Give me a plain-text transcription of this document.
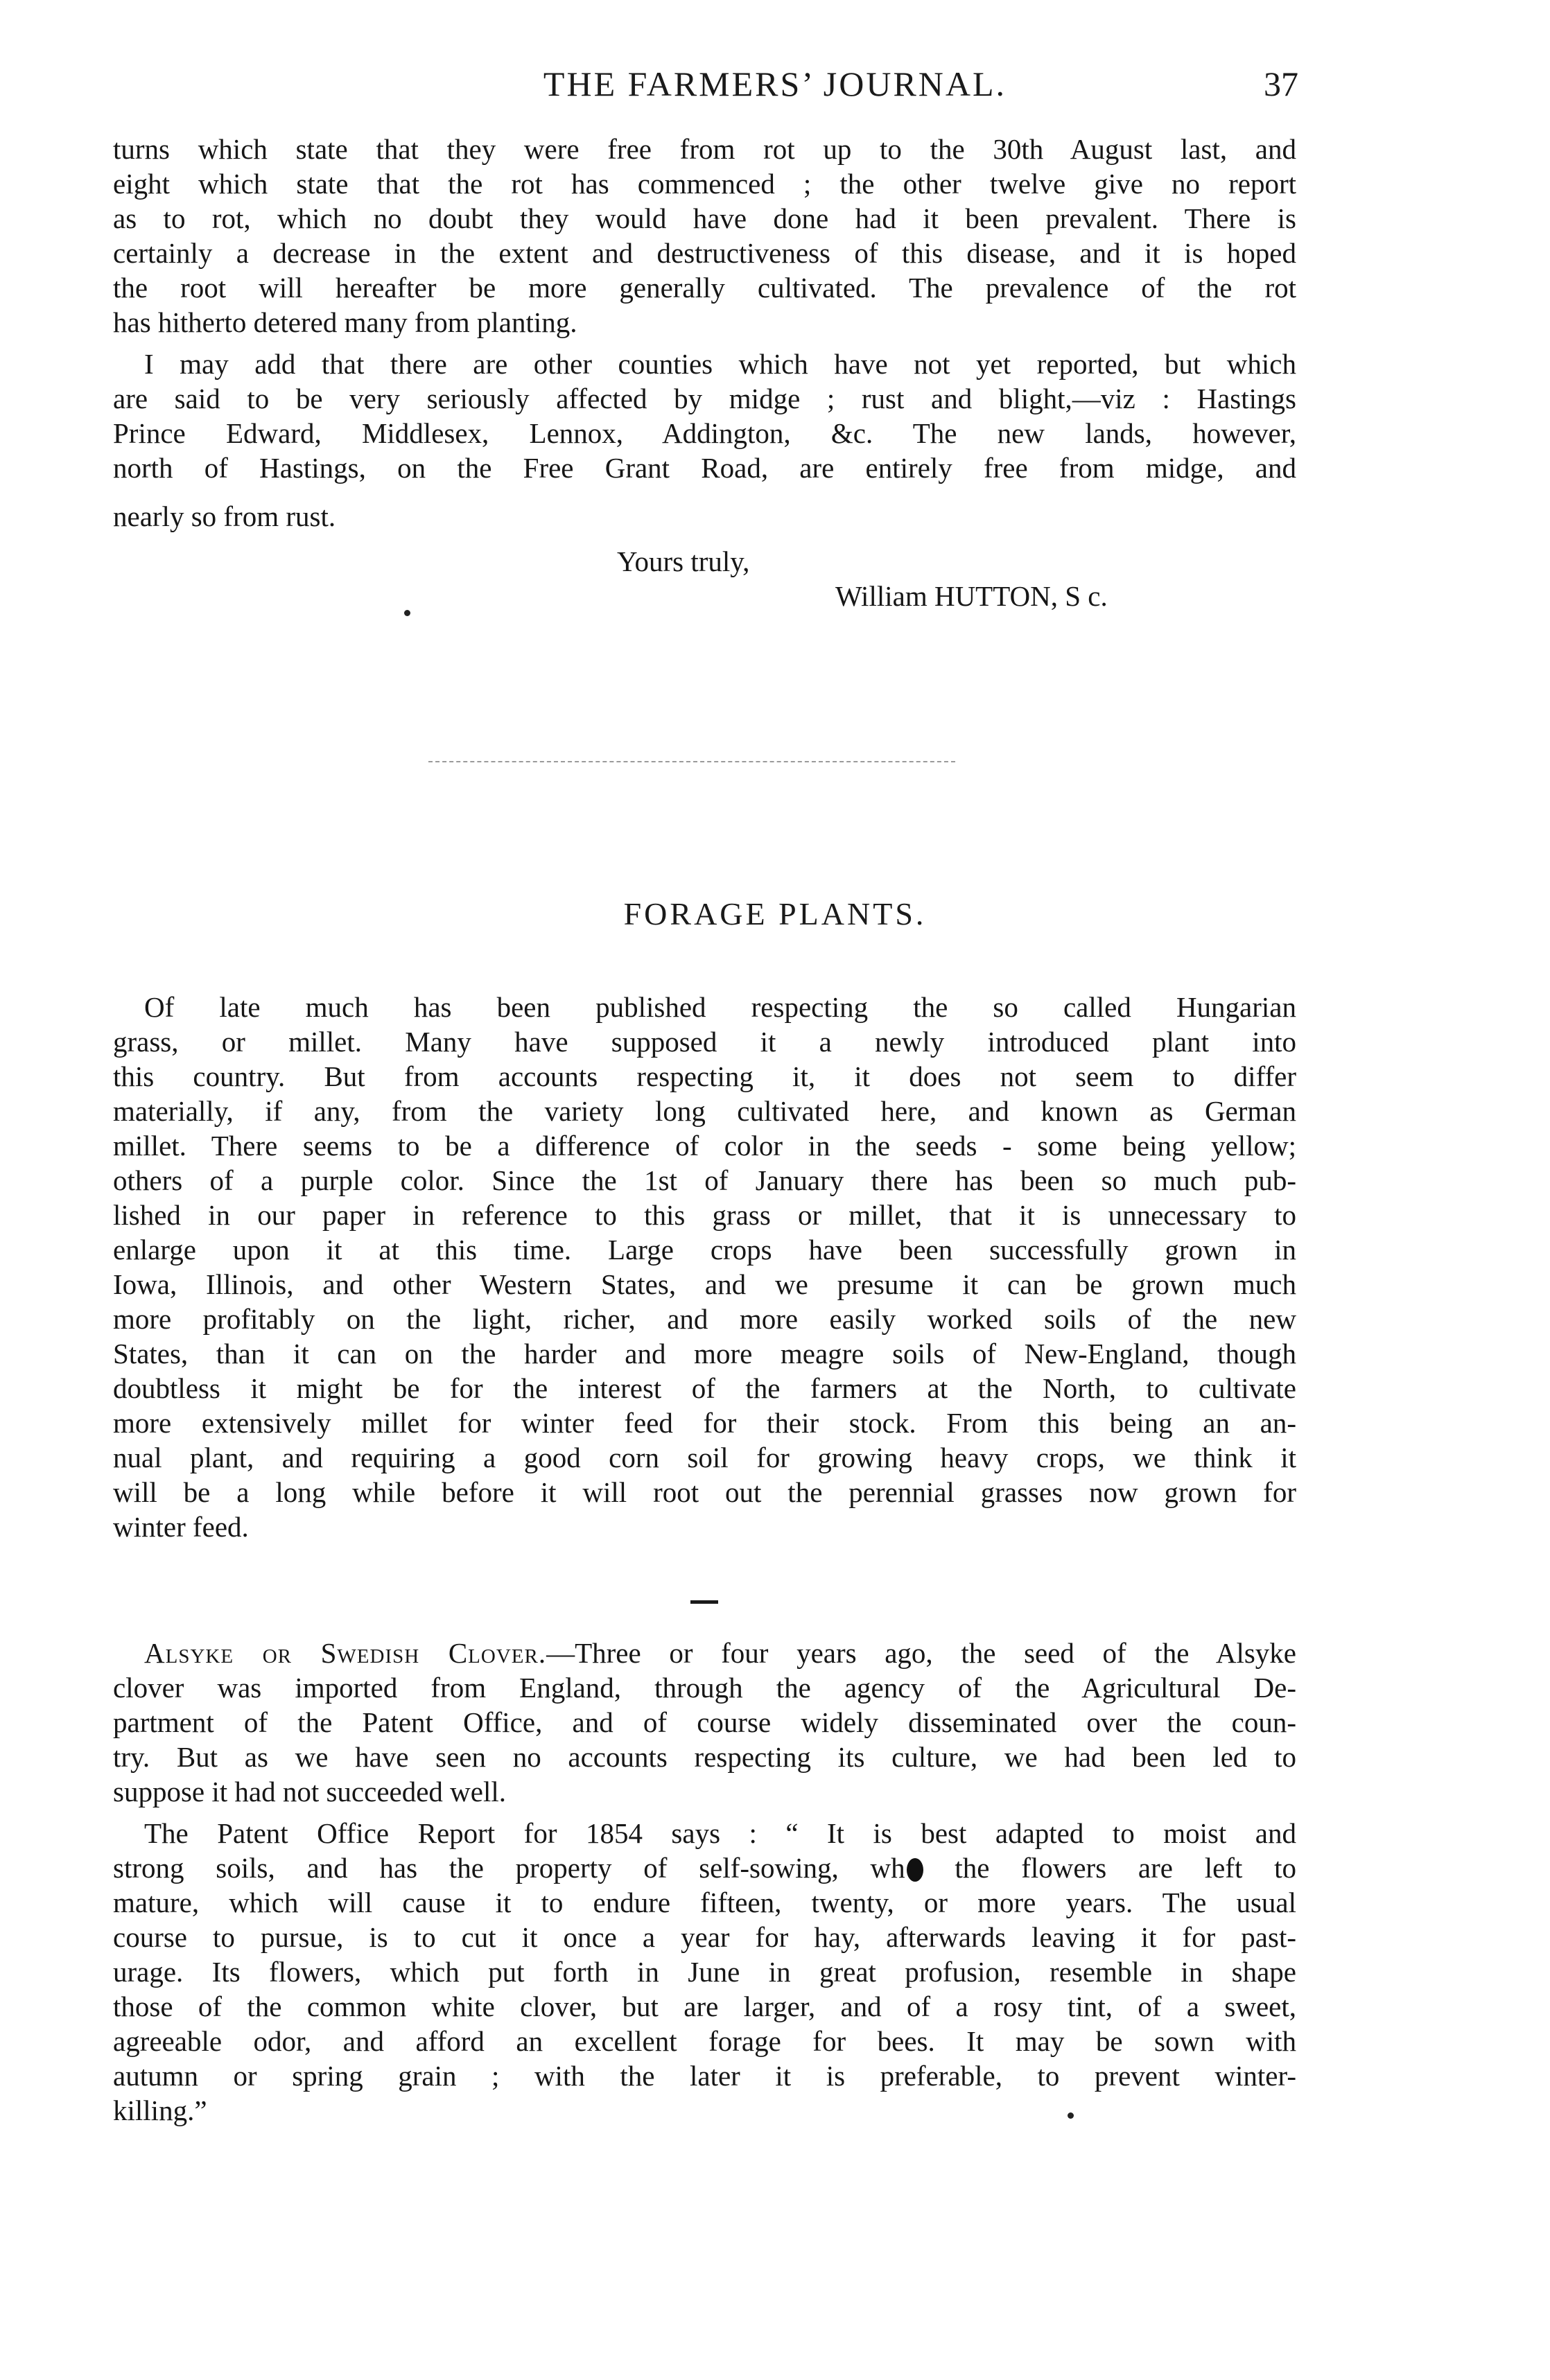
THE FARMERS’ JOURNAL.	37
turns which state that they were free from rot up to the 30th August last, and
eight which state that the rot has commenced ; the other twelve give no report
as to rot, which no doubt they would have done had it been prevalent. There is
certainly a decrease in the extent and destructiveness of this disease, and it is hoped
the root will hereafter be more generally cultivated. The prevalence of the rot
has hitherto detered many from planting.
I may add that there are other counties which have not yet reported, but which
are said to be very seriously affected by midge ; rust and blight,—viz : Hastings
Prince Edward, Middlesex, Lennox, Addington, &c. The new lands, however,
north of Hastings, on the Free Grant Road, are entirely free from midge, and
nearly so from rust.
Yours truly,
William HUTTON, S c.
FORAGE PLANTS.
Of late much has been published respecting the so called Hungarian
grass, or millet. Many have supposed it a newly introduced plant into
this country. But from accounts respecting it, it does not seem to differ
materially, if any, from the variety long cultivated here, and known as German
millet. There seems to be a difference of color in the seeds - some being yellow;
others of a purple color. Since the 1st of January there has been so much pub-
lished in our paper in reference to this grass or millet, that it is unnecessary to
enlarge upon it at this time. Large crops have been successfully grown in
Iowa, Illinois, and other Western States, and we presume it can be grown much
more profitably on the light, richer, and more easily worked soils of the new
States, than it can on the harder and more meagre soils of New-England, though
doubtless it might be for the interest of the farmers at the North, to cultivate
more extensively millet for winter feed for their stock. From this being an an-
nual plant, and requiring a good corn soil for growing heavy crops, we think it
will be a long while before it will root out the perennial grasses now grown for
winter feed.
Alsyke or Swedish Clover.—Three or four years ago, the seed of the Alsyke
clover was imported from England, through the agency of the Agricultural De-
partment of the Patent Office, and of course widely disseminated over the coun-
try. But as we have seen no accounts respecting its culture, we had been led to
suppose it had not succeeded well.
The Patent Office Report for 1854 says : “ It is best adapted to moist and
strong soils, and has the property of self-sowing, wh the flowers are left to
mature, which will cause it to endure fifteen, twenty, or more years. The usual
course to pursue, is to cut it once a year for hay, afterwards leaving it for past-
urage. Its flowers, which put forth in June in great profusion, resemble in shape
those of the common white clover, but are larger, and of a rosy tint, of a sweet,
agreeable odor, and afford an excellent forage for bees. It may be sown with
autumn or spring grain ; with the later it is preferable, to prevent winter-
killing.”
